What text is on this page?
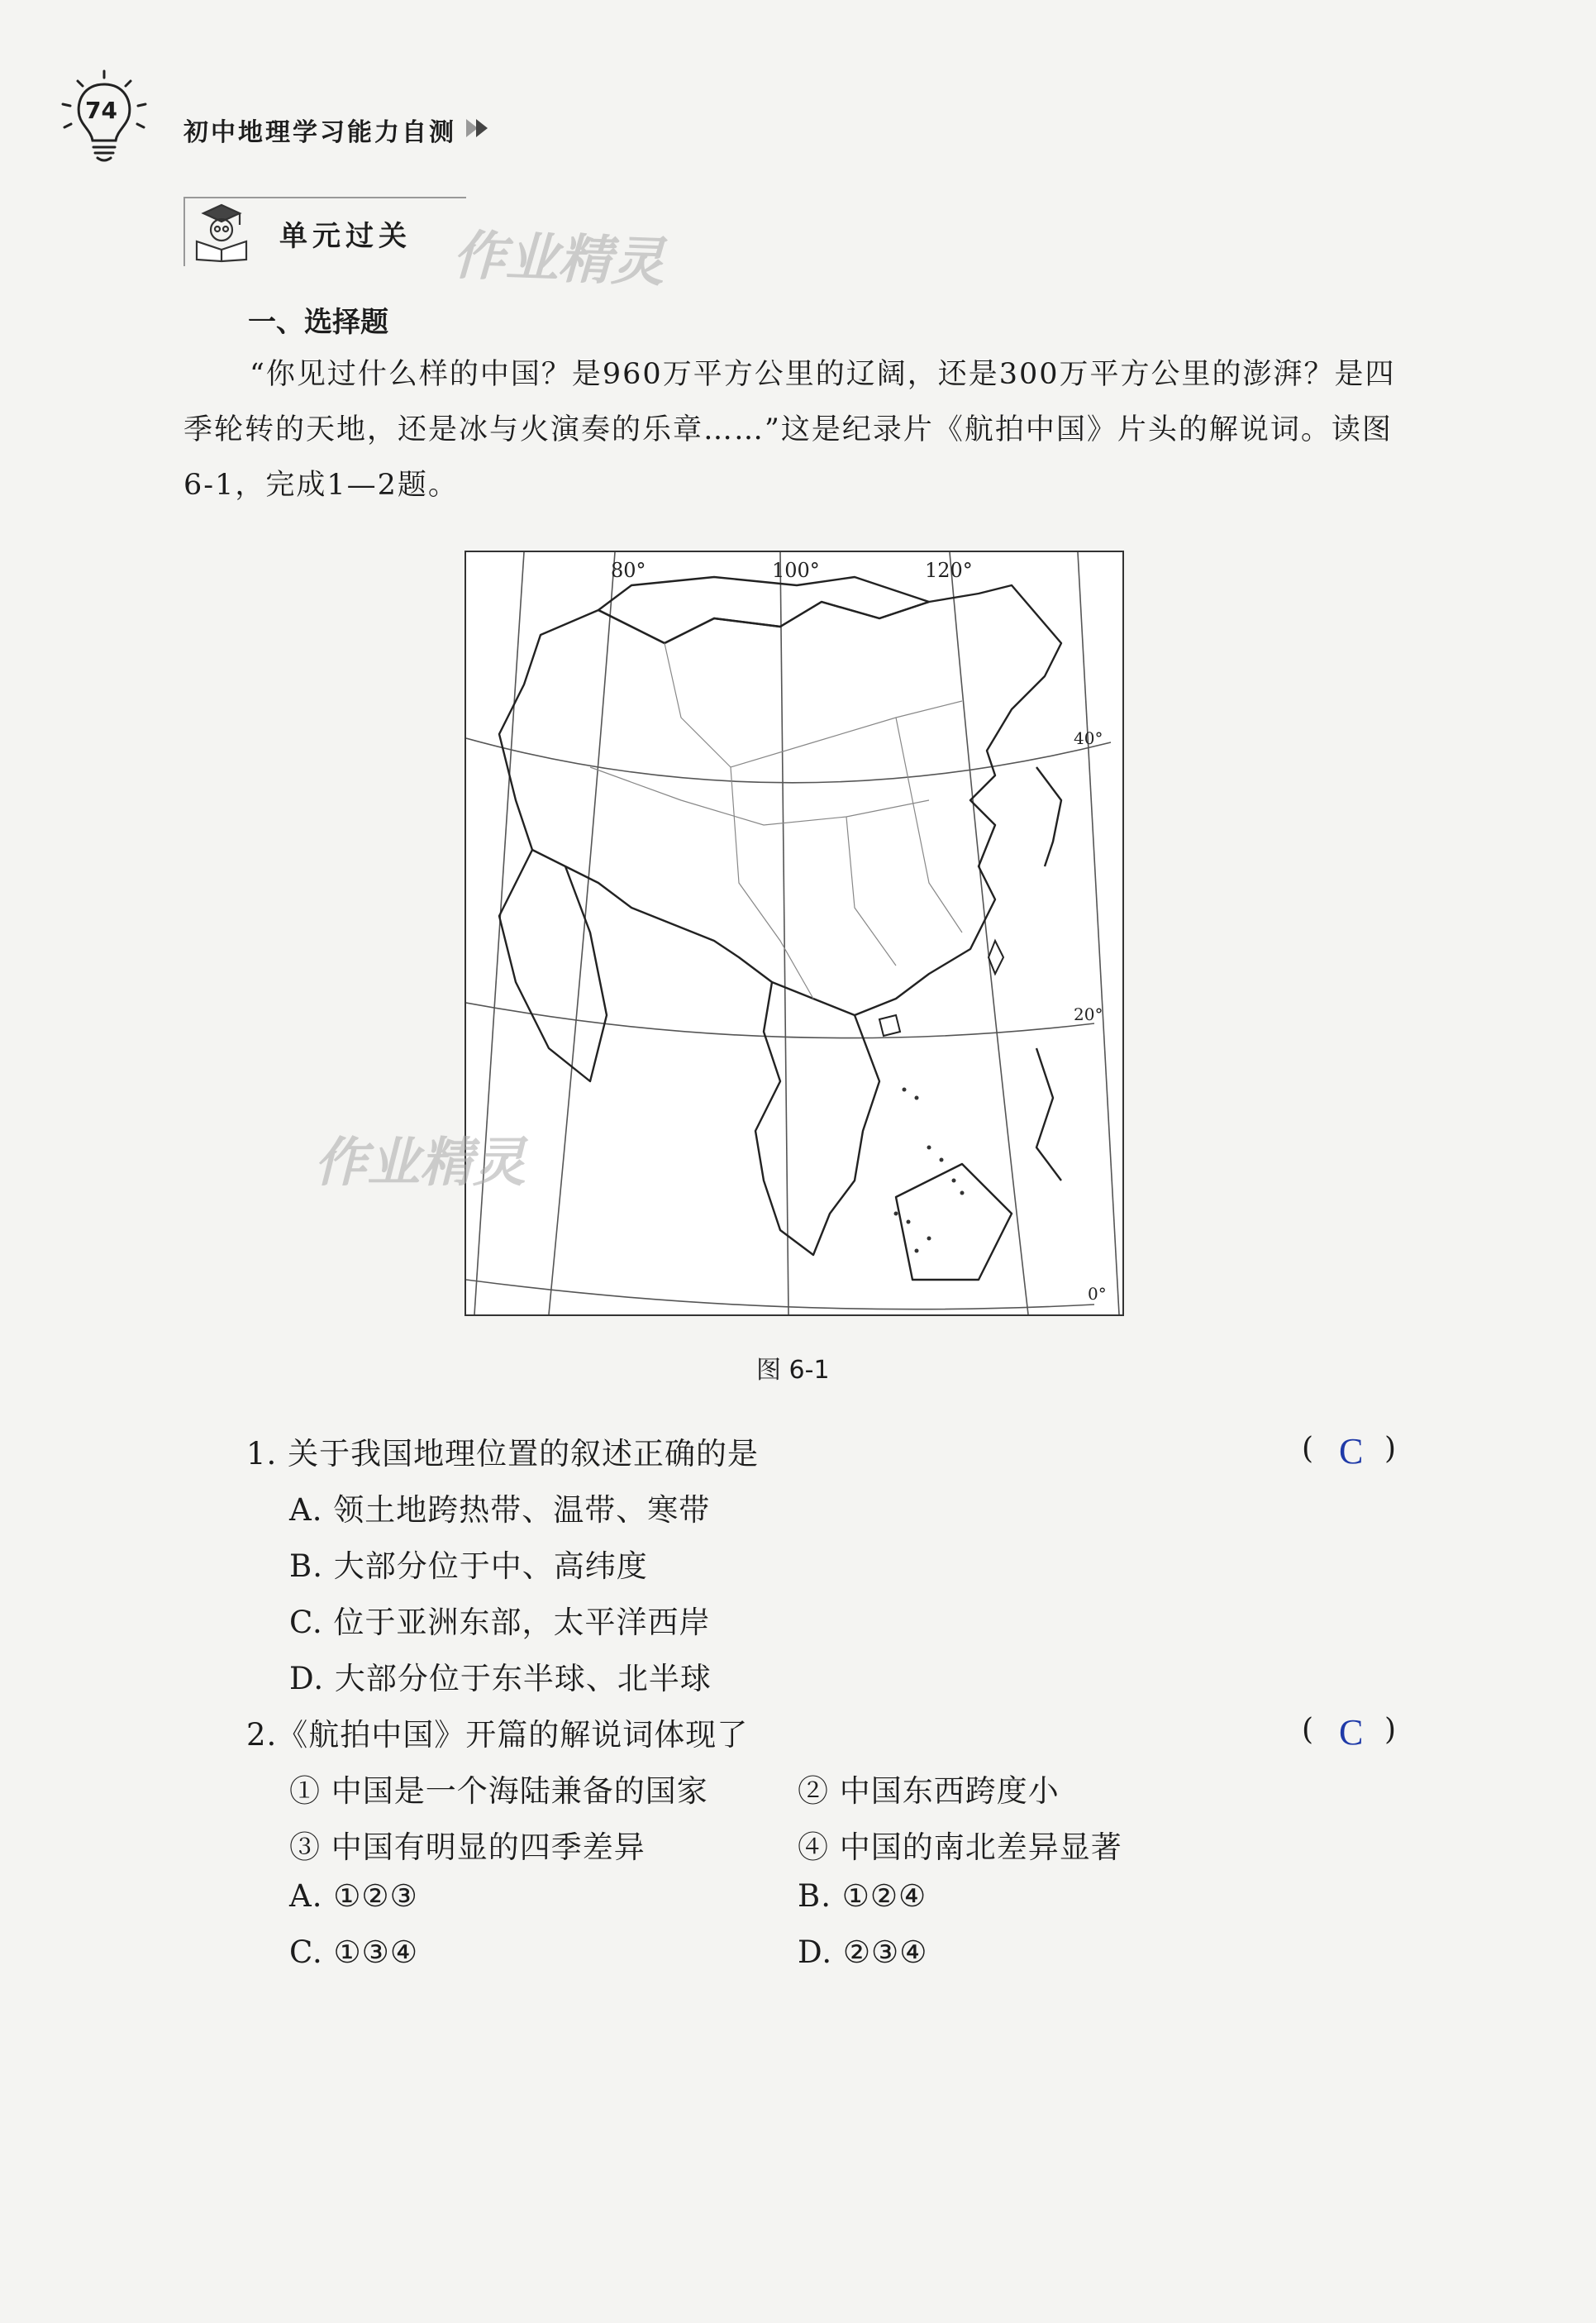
74
初中地理学习能力自测
单元过关 作业精灵
一、选择题
“你见过什么样的中国？是960万平方公里的辽阔，还是300万平方公里的澎湃？是四季轮转的天地，还是冰与火演奏的乐章……”这是纪录片《航拍中国》片头的解说词。读图6-1，完成1—2题。
80°	100°	120°
40°
20°
0°
作业精灵
图 6-1
1. 关于我国地理位置的叙述正确的是	( C )
A. 领土地跨热带、温带、寒带
B. 大部分位于中、高纬度
C. 位于亚洲东部，太平洋西岸
D. 大部分位于东半球、北半球
2.《航拍中国》开篇的解说词体现了	( C )
① 中国是一个海陆兼备的国家	② 中国东西跨度小
③ 中国有明显的四季差异	④ 中国的南北差异显著
A. ①②③	B. ①②④
C. ①③④	D. ②③④
